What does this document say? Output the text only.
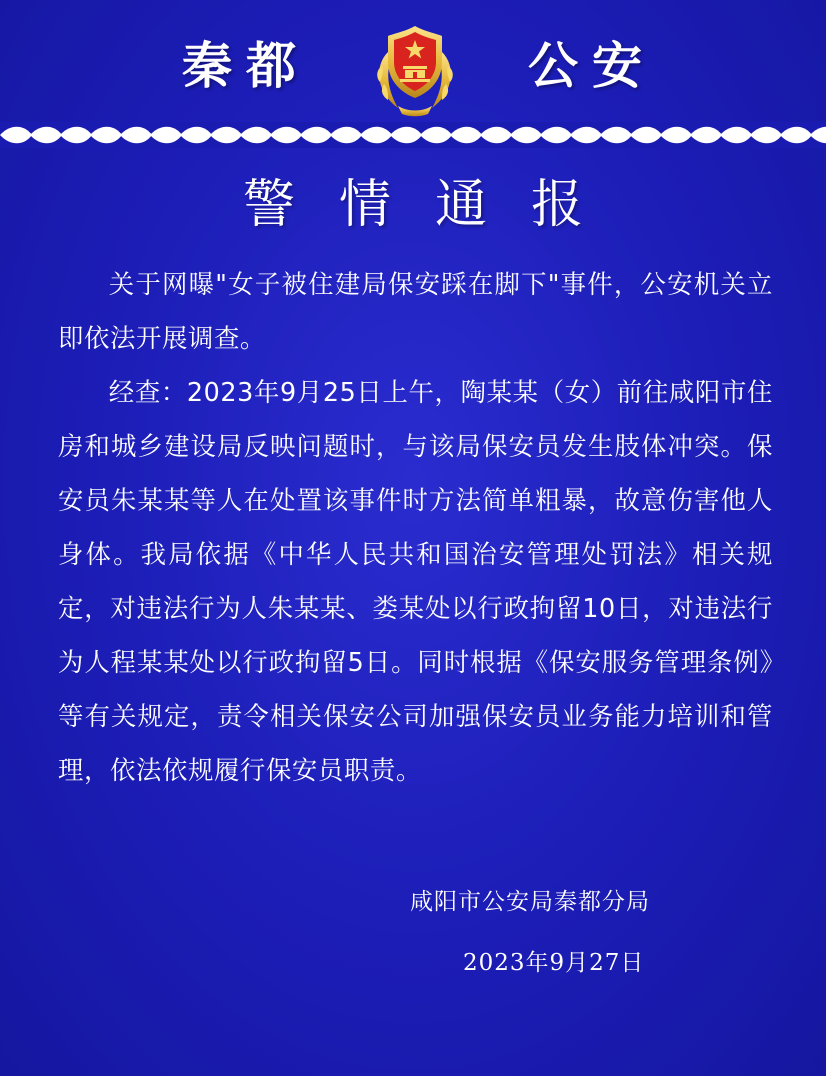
秦都	公安
警情通报

关于网曝"女子被住建局保安踩在脚下"事件，公安机关立即依法开展调查。

经查：2023年9月25日上午，陶某某（女）前往咸阳市住房和城乡建设局反映问题时，与该局保安员发生肢体冲突。保安员朱某某等人在处置该事件时方法简单粗暴，故意伤害他人身体。我局依据《中华人民共和国治安管理处罚法》相关规定，对违法行为人朱某某、娄某处以行政拘留10日，对违法行为人程某某处以行政拘留5日。同时根据《保安服务管理条例》等有关规定，责令相关保安公司加强保安员业务能力培训和管理，依法依规履行保安员职责。

咸阳市公安局秦都分局
2023年9月27日
